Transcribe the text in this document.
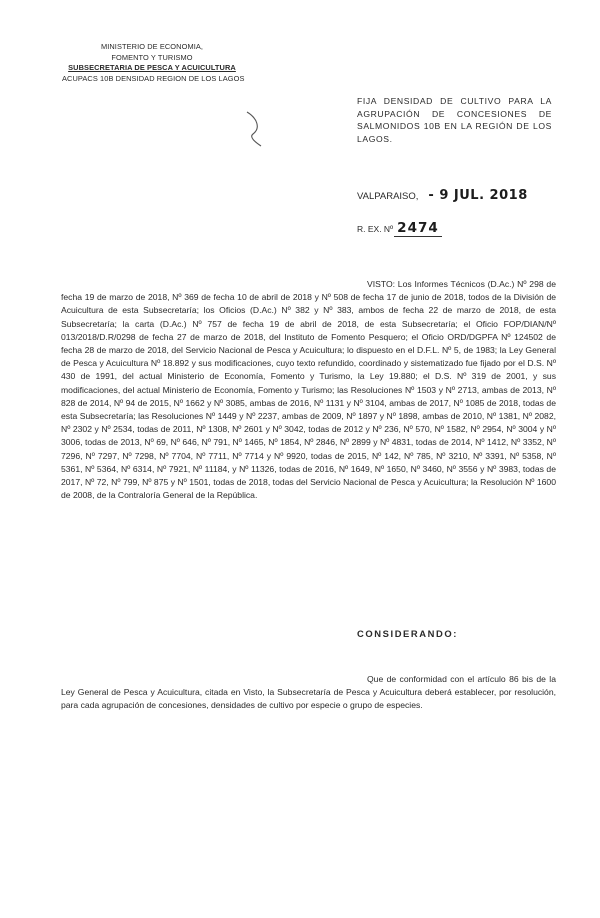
MINISTERIO DE ECONOMIA,
FOMENTO Y TURISMO
SUBSECRETARIA DE PESCA Y ACUICULTURA
ACUPACS 10B DENSIDAD REGION DE LOS LAGOS
FIJA DENSIDAD DE CULTIVO PARA LA AGRUPACIÓN DE CONCESIONES DE SALMONIDOS 10B EN LA REGIÓN DE LOS LAGOS.
VALPARAISO, - 9 JUL. 2018
R. EX. Nº 2474

VISTO: Los Informes Técnicos (D.Ac.) Nº 298 de fecha 19 de marzo de 2018, Nº 369 de fecha 10 de abril de 2018 y Nº 508 de fecha 17 de junio de 2018, todos de la División de Acuicultura de esta Subsecretaría; los Oficios (D.Ac.) Nº 382 y Nº 383, ambos de fecha 22 de marzo de 2018, de esta Subsecretaría; la carta (D.Ac.) Nº 757 de fecha 19 de abril de 2018, de esta Subsecretaría; el Oficio FOP/DIAN/Nº 013/2018/D.R/0298 de fecha 27 de marzo de 2018, del Instituto de Fomento Pesquero; el Oficio ORD/DGPFA Nº 124502 de fecha 28 de marzo de 2018, del Servicio Nacional de Pesca y Acuicultura; lo dispuesto en el D.F.L. Nº 5, de 1983; la Ley General de Pesca y Acuicultura Nº 18.892 y sus modificaciones, cuyo texto refundido, coordinado y sistematizado fue fijado por el D.S. Nº 430 de 1991, del actual Ministerio de Economía, Fomento y Turismo, la Ley 19.880; el D.S. Nº 319 de 2001, y sus modificaciones, del actual Ministerio de Economía, Fomento y Turismo; las Resoluciones Nº 1503 y Nº 2713, ambas de 2013, Nº 828 de 2014, Nº 94 de 2015, Nº 1662 y Nº 3085, ambas de 2016, Nº 1131 y Nº 3104, ambas de 2017, Nº 1085 de 2018, todas de esta Subsecretaría; las Resoluciones Nº 1449 y Nº 2237, ambas de 2009, Nº 1897 y Nº 1898, ambas de 2010, Nº 1381, Nº 2082, Nº 2302 y Nº 2534, todas de 2011, Nº 1308, Nº 2601 y Nº 3042, todas de 2012 y Nº 236, Nº 570, Nº 1582, Nº 2954, Nº 3004 y Nº 3006, todas de 2013, Nº 69, Nº 646, Nº 791, Nº 1465, Nº 1854, Nº 2846, Nº 2899 y Nº 4831, todas de 2014, Nº 1412, Nº 3352, Nº 7296, Nº 7297, Nº 7298, Nº 7704, Nº 7711, Nº 7714 y Nº 9920, todas de 2015, Nº 142, Nº 785, Nº 3210, Nº 3391, Nº 5358, Nº 5361, Nº 5364, Nº 6314, Nº 7921, Nº 11184, y Nº 11326, todas de 2016, Nº 1649, Nº 1650, Nº 3460, Nº 3556 y Nº 3983, todas de 2017, Nº 72, Nº 799, Nº 875 y Nº 1501, todas de 2018, todas del Servicio Nacional de Pesca y Acuicultura; la Resolución Nº 1600 de 2008, de la Contraloría General de la República.

CONSIDERANDO:

Que de conformidad con el artículo 86 bis de la Ley General de Pesca y Acuicultura, citada en Visto, la Subsecretaría de Pesca y Acuicultura deberá establecer, por resolución, para cada agrupación de concesiones, densidades de cultivo por especie o grupo de especies.
